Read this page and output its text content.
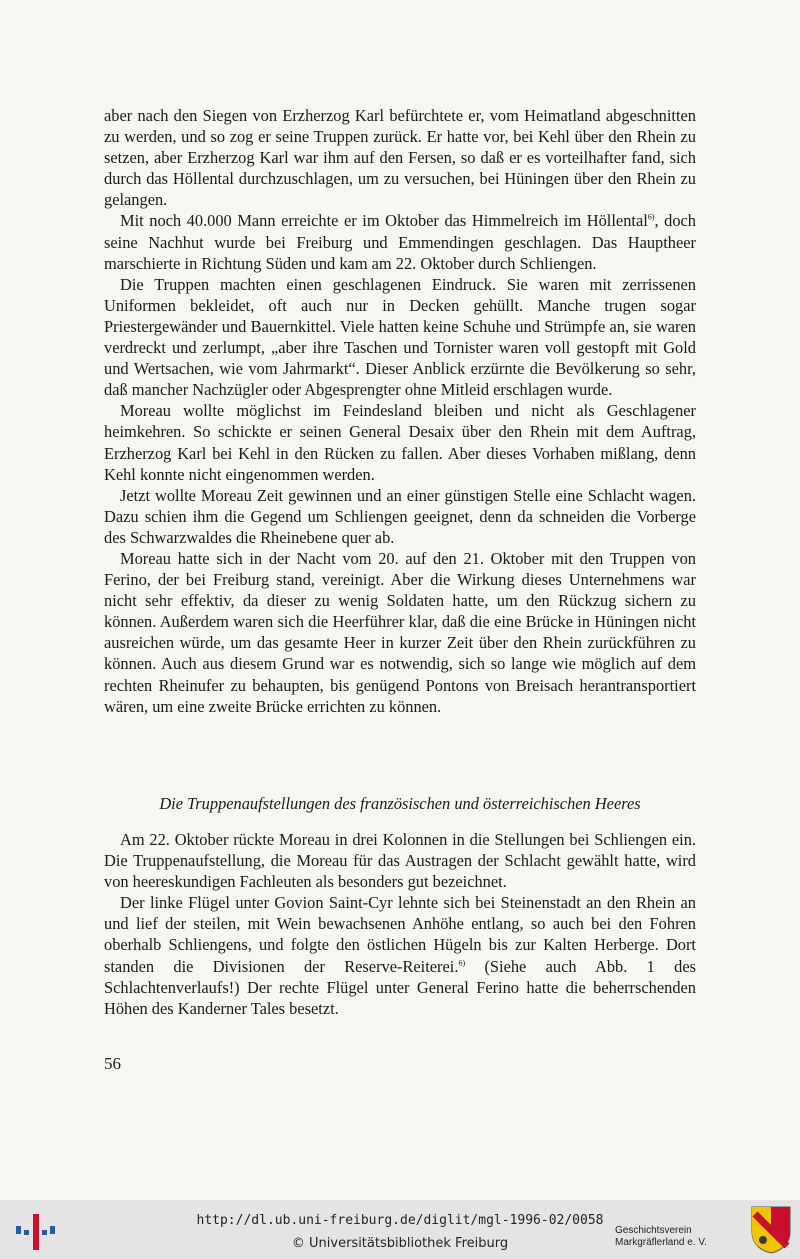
aber nach den Siegen von Erzherzog Karl befürchtete er, vom Heimatland abgeschnitten zu werden, und so zog er seine Truppen zurück. Er hatte vor, bei Kehl über den Rhein zu setzen, aber Erzherzog Karl war ihm auf den Fersen, so daß er es vorteilhafter fand, sich durch das Höllental durchzuschlagen, um zu versuchen, bei Hüningen über den Rhein zu gelangen.

Mit noch 40.000 Mann erreichte er im Oktober das Himmelreich im Höllental$^{6)}$, doch seine Nachhut wurde bei Freiburg und Emmendingen geschlagen. Das Hauptheer marschierte in Richtung Süden und kam am 22. Oktober durch Schliengen.

Die Truppen machten einen geschlagenen Eindruck. Sie waren mit zerrissenen Uniformen bekleidet, oft auch nur in Decken gehüllt. Manche trugen sogar Priestergewänder und Bauernkittel. Viele hatten keine Schuhe und Strümpfe an, sie waren verdreckt und zerlumpt, „aber ihre Taschen und Tornister waren voll gestopft mit Gold und Wertsachen, wie vom Jahrmarkt“. Dieser Anblick erzürnte die Bevölkerung so sehr, daß mancher Nachzügler oder Abgesprengter ohne Mitleid erschlagen wurde.

Moreau wollte möglichst im Feindesland bleiben und nicht als Geschlagener heimkehren. So schickte er seinen General Desaix über den Rhein mit dem Auftrag, Erzherzog Karl bei Kehl in den Rücken zu fallen. Aber dieses Vorhaben mißlang, denn Kehl konnte nicht eingenommen werden.

Jetzt wollte Moreau Zeit gewinnen und an einer günstigen Stelle eine Schlacht wagen. Dazu schien ihm die Gegend um Schliengen geeignet, denn da schneiden die Vorberge des Schwarzwaldes die Rheinebene quer ab.

Moreau hatte sich in der Nacht vom 20. auf den 21. Oktober mit den Truppen von Ferino, der bei Freiburg stand, vereinigt. Aber die Wirkung dieses Unternehmens war nicht sehr effektiv, da dieser zu wenig Soldaten hatte, um den Rückzug sichern zu können. Außerdem waren sich die Heerführer klar, daß die eine Brücke in Hüningen nicht ausreichen würde, um das gesamte Heer in kurzer Zeit über den Rhein zurückführen zu können. Auch aus diesem Grund war es notwendig, sich so lange wie möglich auf dem rechten Rheinufer zu behaupten, bis genügend Pontons von Breisach herantransportiert wären, um eine zweite Brücke errichten zu können.

Die Truppenaufstellungen des französischen und österreichischen Heeres

Am 22. Oktober rückte Moreau in drei Kolonnen in die Stellungen bei Schliengen ein. Die Truppenaufstellung, die Moreau für das Austragen der Schlacht gewählt hatte, wird von heereskundigen Fachleuten als besonders gut bezeichnet.

Der linke Flügel unter Govion Saint-Cyr lehnte sich bei Steinenstadt an den Rhein an und lief der steilen, mit Wein bewachsenen Anhöhe entlang, so auch bei den Fohren oberhalb Schliengens, und folgte den östlichen Hügeln bis zur Kalten Herberge. Dort standen die Divisionen der Reserve-Reiterei.$^{6)}$ (Siehe auch Abb. 1 des Schlachtenverlaufs!) Der rechte Flügel unter General Ferino hatte die beherrschenden Höhen des Kanderner Tales besetzt.

56
http://dl.ub.uni-freiburg.de/diglit/mgl-1996-02/0058
© Universitätsbibliothek Freiburg
Geschichtsverein
Markgräflerland e. V.
